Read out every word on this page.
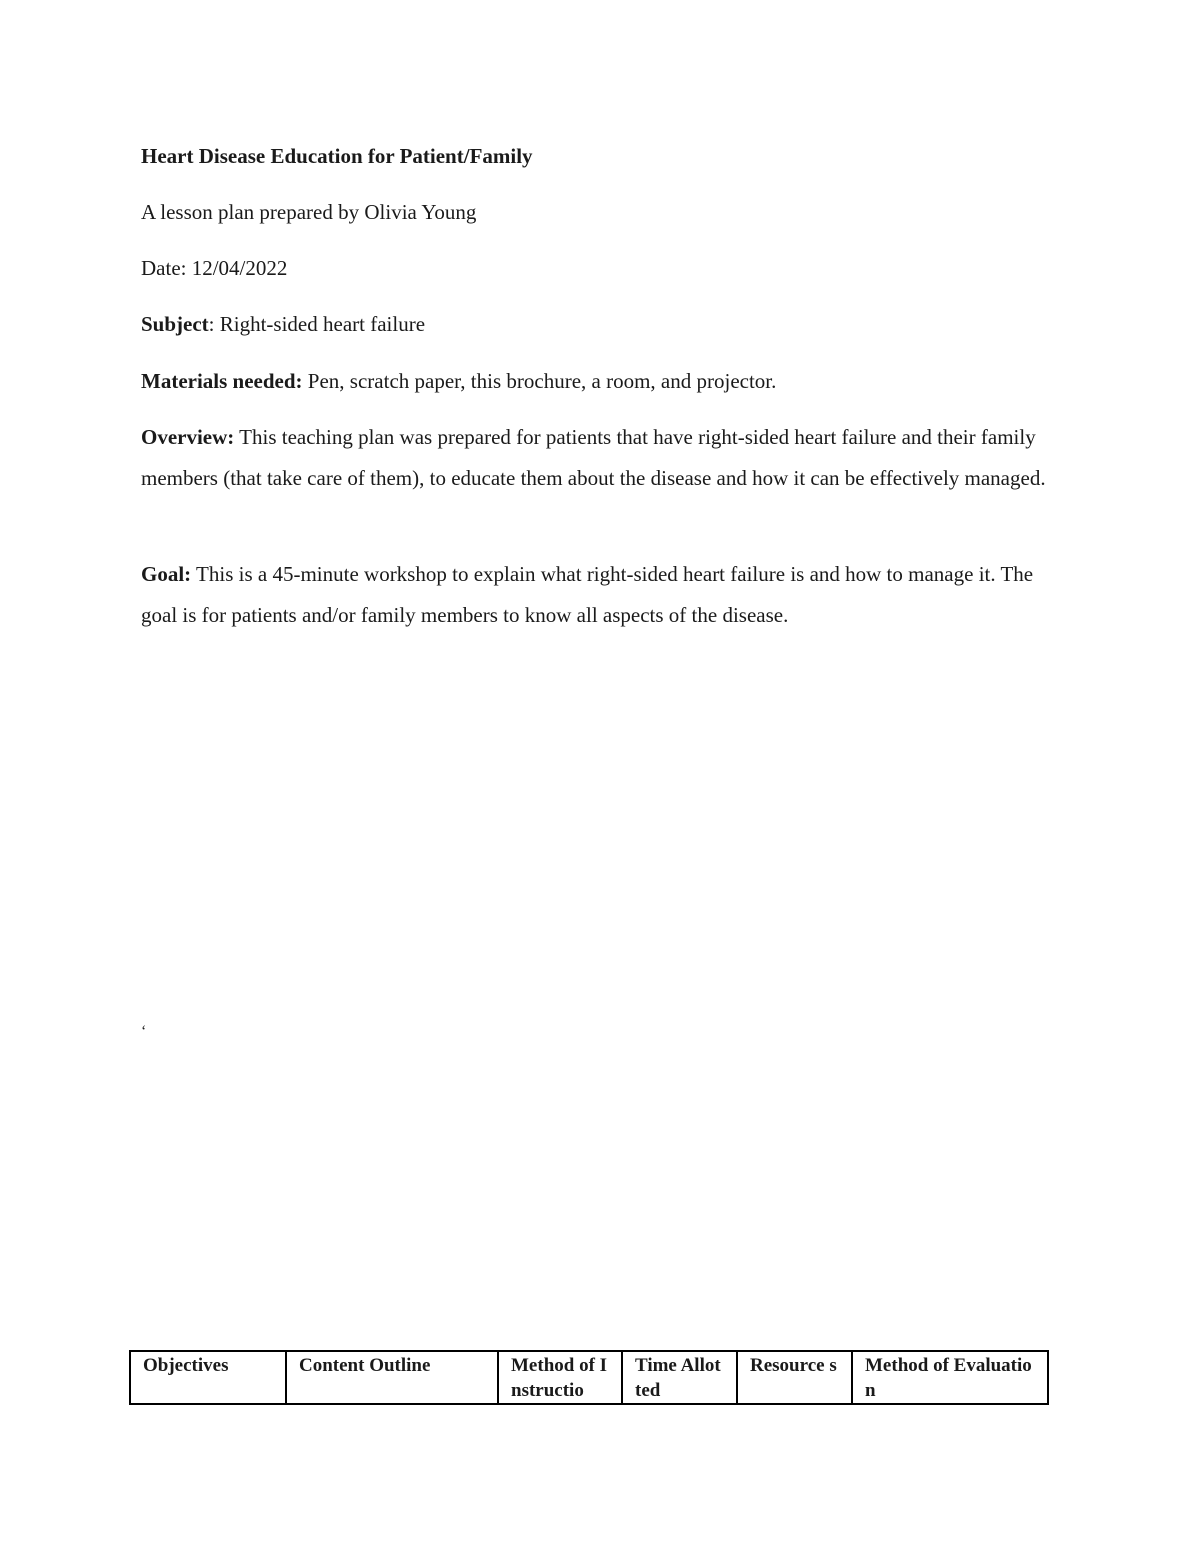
Heart Disease Education for Patient/Family

A lesson plan prepared by Olivia Young

Date: 12/04/2022

Subject: Right-sided heart failure

Materials needed: Pen, scratch paper, this brochure, a room, and projector.

Overview: This teaching plan was prepared for patients that have right-sided heart failure and their family members (that take care of them), to educate them about the disease and how it can be effectively managed.

Goal: This is a 45-minute workshop to explain what right-sided heart failure is and how to manage it. The goal is for patients and/or family members to know all aspects of the disease.

‘
Objectives	Content Outline	Method of Instructio	Time Allotted	Resource s	Method of Evaluation
